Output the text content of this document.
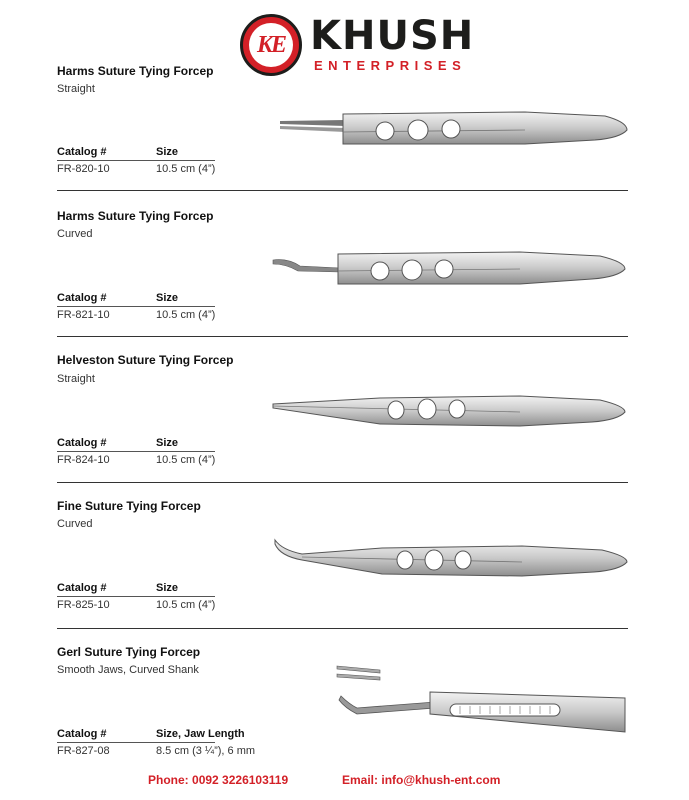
KE KHUSH
ENTERPRISES
Harms Suture Tying Forcep
Straight
Catalog #	Size
FR-820-10	10.5 cm (4”)
Harms Suture Tying Forcep
Curved
Catalog #	Size
FR-821-10	10.5 cm (4”)
Helveston Suture Tying Forcep
Straight
Catalog #	Size
FR-824-10	10.5 cm (4”)
Fine Suture Tying Forcep
Curved
Catalog #	Size
FR-825-10	10.5 cm (4”)
Gerl Suture Tying Forcep
Smooth Jaws, Curved Shank
Catalog #	Size, Jaw Length
FR-827-08	8.5 cm (3 ¼”), 6 mm
Phone: 0092 3226103119	Email: info@khush-ent.com
